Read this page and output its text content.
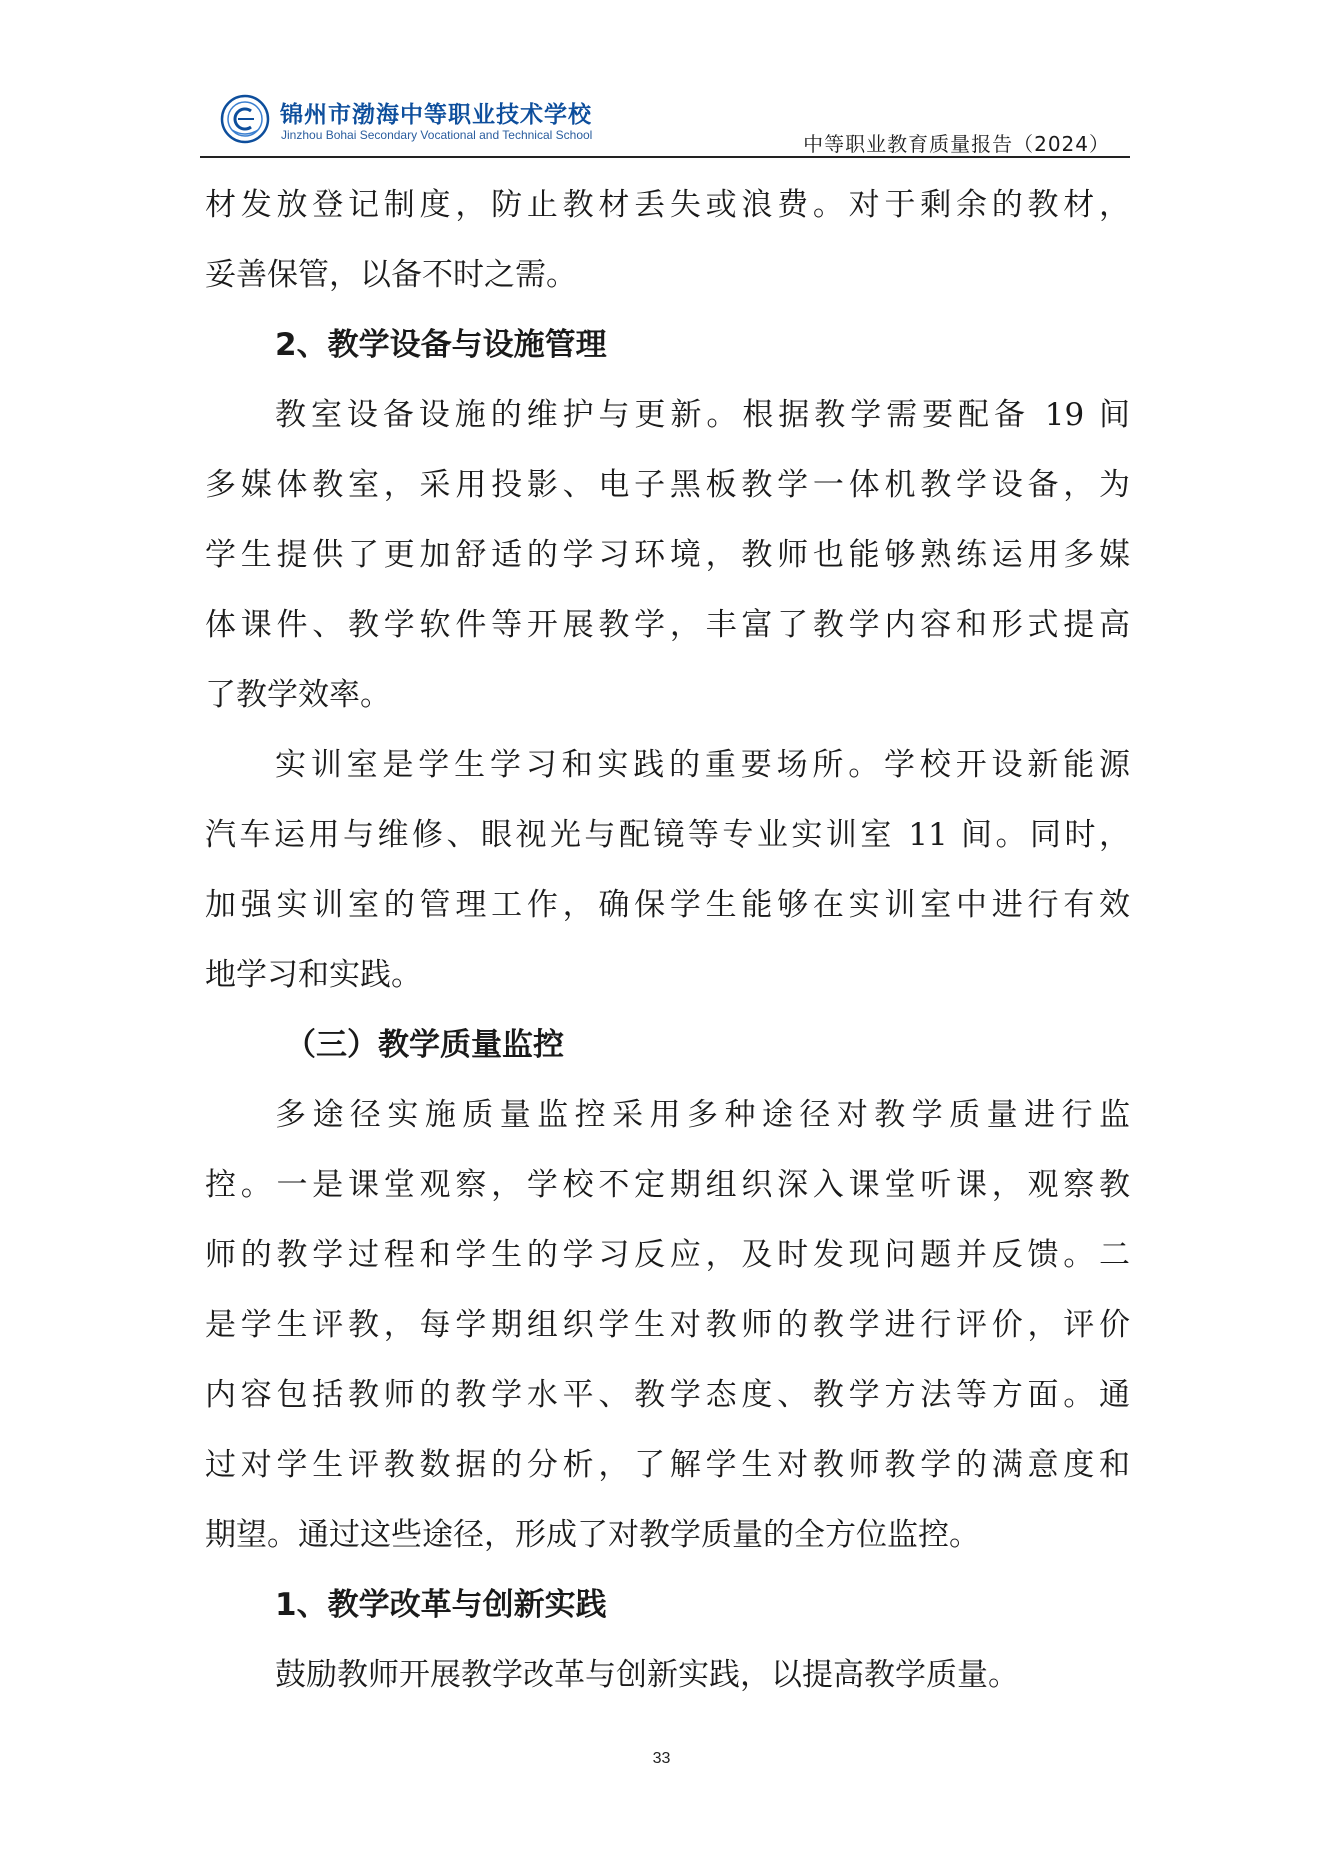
锦州市渤海中等职业技术学校
Jinzhou Bohai Secondary Vocational and Technical School	中等职业教育质量报告（2024）
材发放登记制度，防止教材丢失或浪费。对于剩余的教材，
妥善保管，以备不时之需。
2、教学设备与设施管理
教室设备设施的维护与更新。根据教学需要配备 19 间
多媒体教室，采用投影、电子黑板教学一体机教学设备，为
学生提供了更加舒适的学习环境，教师也能够熟练运用多媒
体课件、教学软件等开展教学，丰富了教学内容和形式提高
了教学效率。
实训室是学生学习和实践的重要场所。学校开设新能源
汽车运用与维修、眼视光与配镜等专业实训室 11 间。同时，
加强实训室的管理工作，确保学生能够在实训室中进行有效
地学习和实践。
（三）教学质量监控
多途径实施质量监控采用多种途径对教学质量进行监
控。一是课堂观察，学校不定期组织深入课堂听课，观察教
师的教学过程和学生的学习反应，及时发现问题并反馈。二
是学生评教，每学期组织学生对教师的教学进行评价，评价
内容包括教师的教学水平、教学态度、教学方法等方面。通
过对学生评教数据的分析，了解学生对教师教学的满意度和
期望。通过这些途径，形成了对教学质量的全方位监控。
1、教学改革与创新实践
鼓励教师开展教学改革与创新实践，以提高教学质量。
33
